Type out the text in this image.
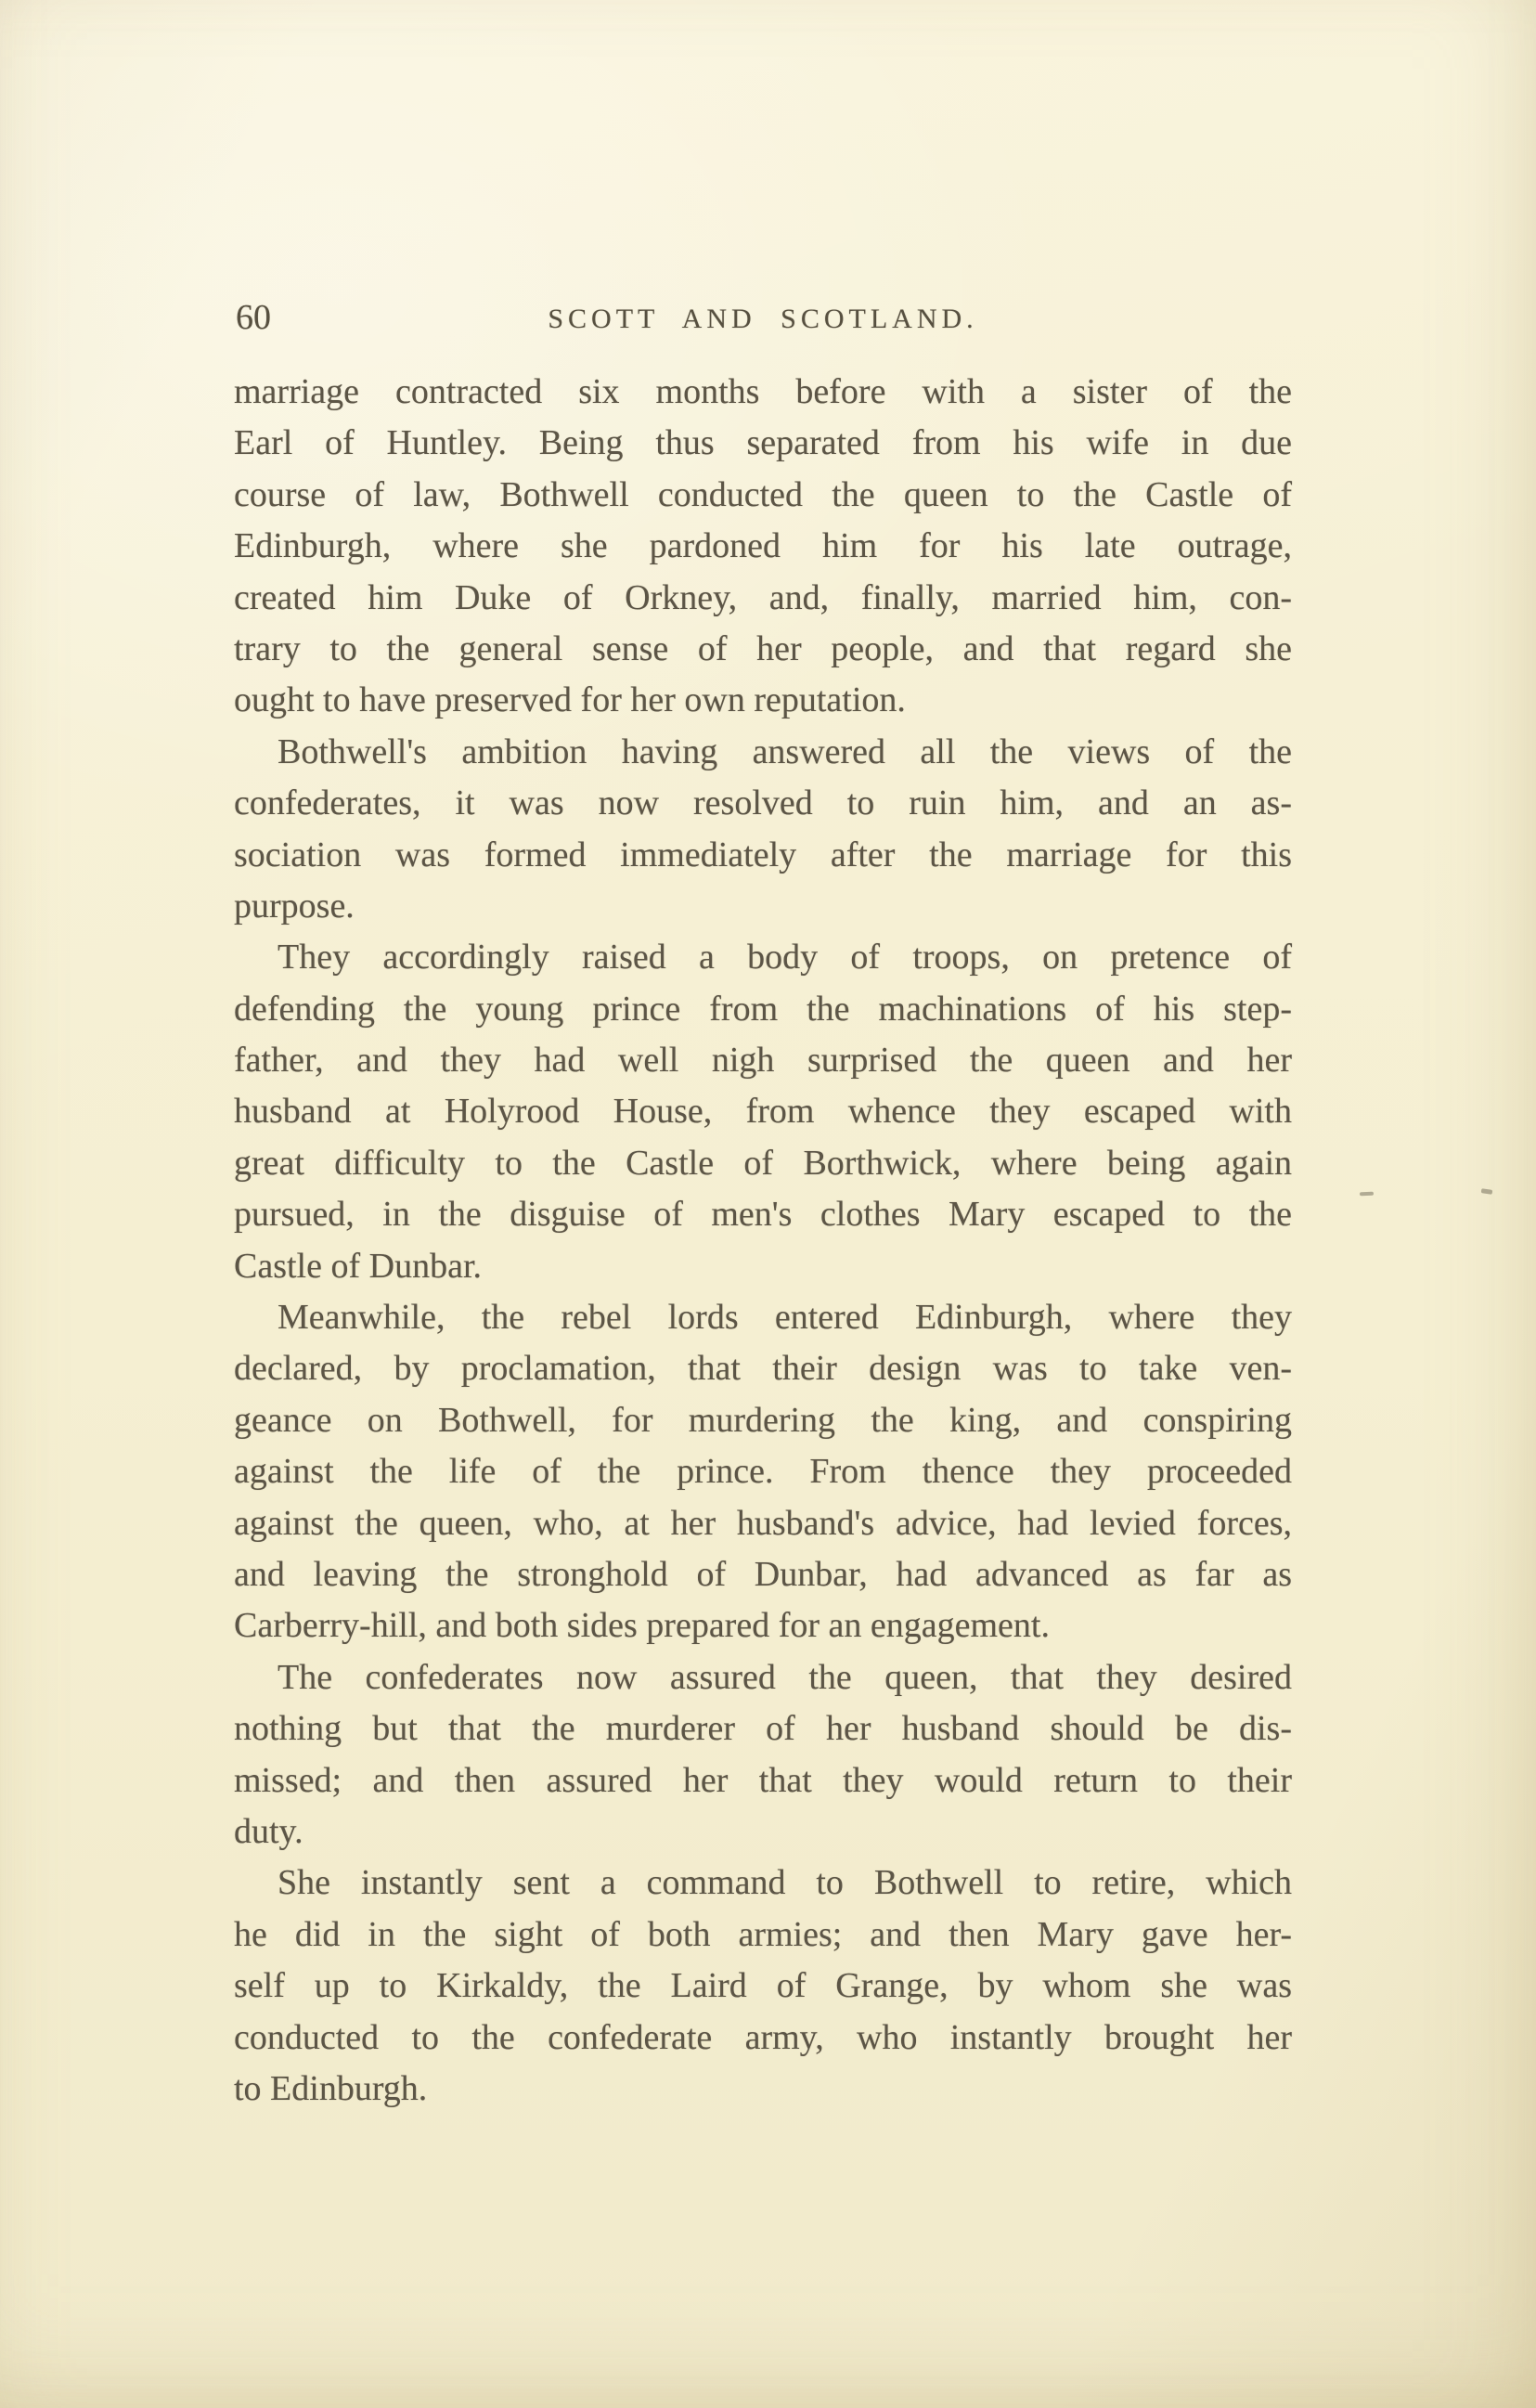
60	SCOTT AND SCOTLAND.
marriage contracted six months before with a sister of the
Earl of Huntley. Being thus separated from his wife in due
course of law, Bothwell conducted the queen to the Castle of
Edinburgh, where she pardoned him for his late outrage,
created him Duke of Orkney, and, finally, married him, con-
trary to the general sense of her people, and that regard she
ought to have preserved for her own reputation.
Bothwell's ambition having answered all the views of the
confederates, it was now resolved to ruin him, and an as-
sociation was formed immediately after the marriage for this
purpose.
They accordingly raised a body of troops, on pretence of
defending the young prince from the machinations of his step-
father, and they had well nigh surprised the queen and her
husband at Holyrood House, from whence they escaped with
great difficulty to the Castle of Borthwick, where being again
pursued, in the disguise of men's clothes Mary escaped to the
Castle of Dunbar.
Meanwhile, the rebel lords entered Edinburgh, where they
declared, by proclamation, that their design was to take ven-
geance on Bothwell, for murdering the king, and conspiring
against the life of the prince. From thence they proceeded
against the queen, who, at her husband's advice, had levied forces,
and leaving the stronghold of Dunbar, had advanced as far as
Carberry-hill, and both sides prepared for an engagement.
The confederates now assured the queen, that they desired
nothing but that the murderer of her husband should be dis-
missed; and then assured her that they would return to their
duty.
She instantly sent a command to Bothwell to retire, which
he did in the sight of both armies; and then Mary gave her-
self up to Kirkaldy, the Laird of Grange, by whom she was
conducted to the confederate army, who instantly brought her
to Edinburgh.
